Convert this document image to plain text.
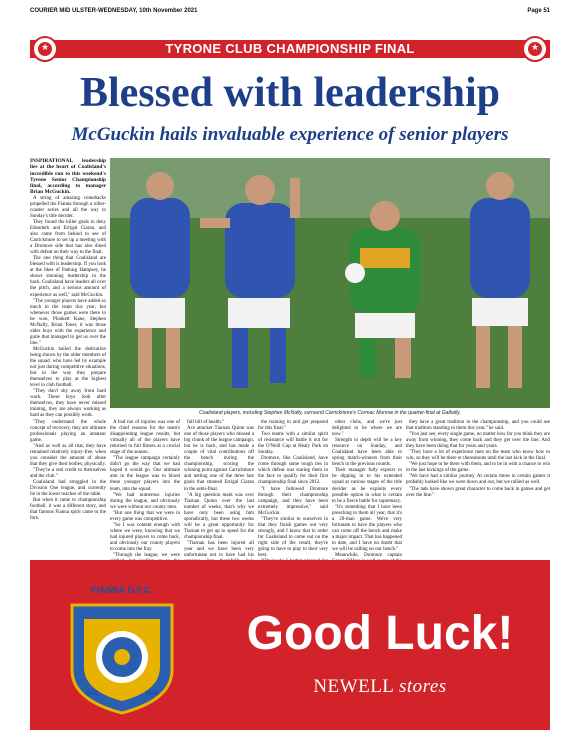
COURIER MID ULSTER-WEDNESDAY, 10th November 2021	Page 51
TYRONE CLUB CHAMPIONSHIP FINAL
★	★
Blessed with leadership
McGuckin hails invaluable experience of senior players
Coalisland players, including Stephen McNally, surround Carrickmore's Cormac Munroe in the quarter-final at Galbally.

INSPIRATIONAL leadership lies at the heart of Coalisland's incredible run to this weekend's Tyrone Senior Championship final, according to manager Brian McGuckin.

A string of amazing comebacks propelled the Fianna through a roller-coaster series and all the way to Sunday's title decider.

They found the killer goals to deny Edendork and Errigal Ciaran, and also came from behind to see of Carrickmore to set up a meeting with a Dromore side that has also dined with defeat on their way to the final.

The one thing that Coalisland are blessed with is leadership. If you look at the likes of Padraig Hampsey, he shows stunning leadership in the back. Coalisland have leaders all over the pitch, and a serious amount of experience as well," said McGuckin.

"The younger players have added so much to the team this year, but whenever those games were there to be won, Plunkett Kane, Stephen McNally, Brian Toner, it was those older boys with the experience and guile that managed to get us over the line."

McGuckin hailed the dedication being shown by the older members of the squad, who have led by example not just during competitive situations, but in the way they prepare themselves to play at the highest level in club football.

"They don't shy away from hard work. These boys look after themselves, they have never missed training, they are always working as hard as they can possibly work.

"They understand the whole concept of recovery, they are ultimate professionals playing an amateur game.

"And as well as all that, they have remained relatively injury-free, when you consider the amount of abuse that they give their bodies, physically.

"They're a real credit to themselves and the club."

Coalisland had struggled in the Division One league, and currently lie in the lower reaches of the table.

But when it came to championship football, it was a different story, and that famous Fianna spirit came to the fore.

A bad run of injuries was one of the chief reasons for the team's disappointing league results, but virtually all of the players have returned to full fitness at a crucial stage of the season.

"The league campaign certainly didn't go the way that we had hoped it would go. Our ultimate aim in the league was to blood these younger players into the team, into the squad.

"We had numerous injuries during the league, and obviously we were without our county men.

"But one thing that we were in every game was competitive.

"So I was content enough with where we were, knowing that we had injured players to come back, and obviously our county players to come into the fray.

"Through the league, we were

full bill of health."

Ace attacker Tiarnan Quinn was one of those players who missed a big chunk of the league campaign, but he is back, and has made a couple of vital contributions off the bench during the championship, scoring the winning point against Carrickmore and netting one of the three late goals that stunned Errigal Ciaran in the semi-final.

"A big question mark was over Tiarnan Quinn over the last number of weeks, that's why we have only been using him sporadically, but these two weeks will be a great opportunity for Tiarnan to get up to speed for the championship final.

"Tiarnan has been injured all year and we have been very unfortunate not to have had his

the training in and get prepared for this final."

Two teams with a similar spirit of resistance will battle it out for the O'Neill Cup at Healy Park on Sunday.

Dromore, like Coalisland, have come through some tough ties in which defeat was staring them in the face to qualify for their first championship final since 2012.

"I have followed Dromore through their championship campaign, and they have been extremely impressive," said McGuckin.

"They're similar to ourselves in that they finish games out very strongly, and I know that in order for Coalisland to come out on the right side of the result, they're going to have to play to their very best.

other clubs, and we're just delighted to be where we are now."

Strength in depth will be a key resource on Sunday, and Coalisland have been able to spring match-winners from their bench in the previous rounds.

Their manager fully expects to be dipping in to his extended squad at various stages of the title decider as he exploits every possible option in what is certain to be a fierce battle for supremacy.

"It's something that I have been preaching to them all year, that it's a 20-man game. We're very fortunate to have the players who can come off the bench and make a major impact. That has happened to date, and I have no doubt that we will be calling on our bench."

Meanwhile, Dromore captain

they have a great tradition in the championship, and you could see that tradition standing to them this year," he said.

"You just see, every single game, no matter how far you think they are away from winning, they come back and they get over the line. And they have been doing that for years and years.

"They have a lot of experience men on the team who know how to win, so they will be there or thereabouts until the last kick in the final.

"We just hope to be there with them, and to be in with a chance to win in the last kickings of the game.

"We have had a similar journey. At certain times in certain games it probably looked like we were down and out, but we rallied as well.

"The lads have shown great character to come back in games and get over the line."

FIANNA G.F.C.
GAC	1925
Good Luck!
NEWELL stores
